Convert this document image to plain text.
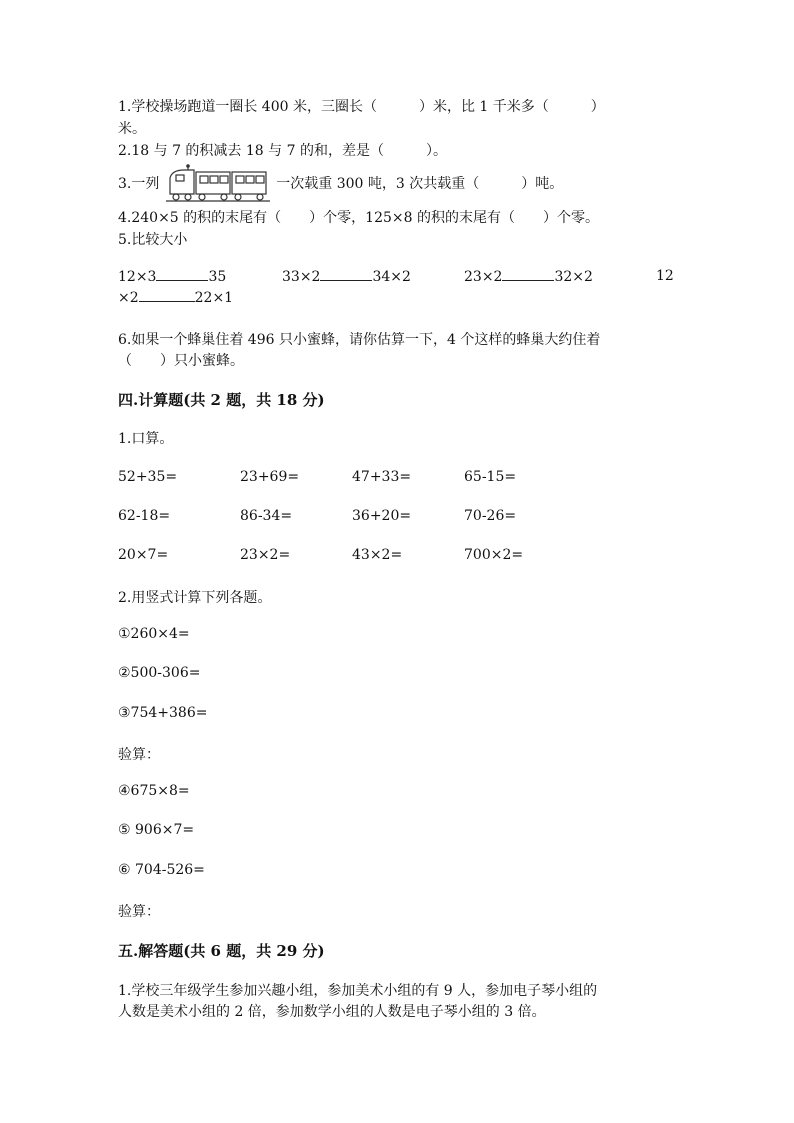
1.学校操场跑道一圈长 400 米，三圈长（　　　）米，比 1 千米多（　　　）
米。
2.18 与 7 的积减去 18 与 7 的和，差是（　　　）。
3.一列	一次载重 300 吨，3 次共载重（　　　）吨。
4.240×5 的积的末尾有（　　）个零，125×8 的积的末尾有（　　）个零。
5.比较大小
12×3	35	33×2	34×2	23×2	32×2	12
×2	22×1
6.如果一个蜂巢住着 496 只小蜜蜂，请你估算一下，4 个这样的蜂巢大约住着
（　　）只小蜜蜂。
四.计算题(共 2 题，共 18 分)
1.口算。
52+35=	23+69=	47+33=	65-15=
62-18=	86-34=	36+20=	70-26=
20×7=	23×2=	43×2=	700×2=
2.用竖式计算下列各题。
①260×4=
②500-306=
③754+386=
验算：
④675×8=
⑤ 906×7=
⑥ 704-526=
验算：
五.解答题(共 6 题，共 29 分)
1.学校三年级学生参加兴趣小组，参加美术小组的有 9 人，参加电子琴小组的
人数是美术小组的 2 倍，参加数学小组的人数是电子琴小组的 3 倍。
